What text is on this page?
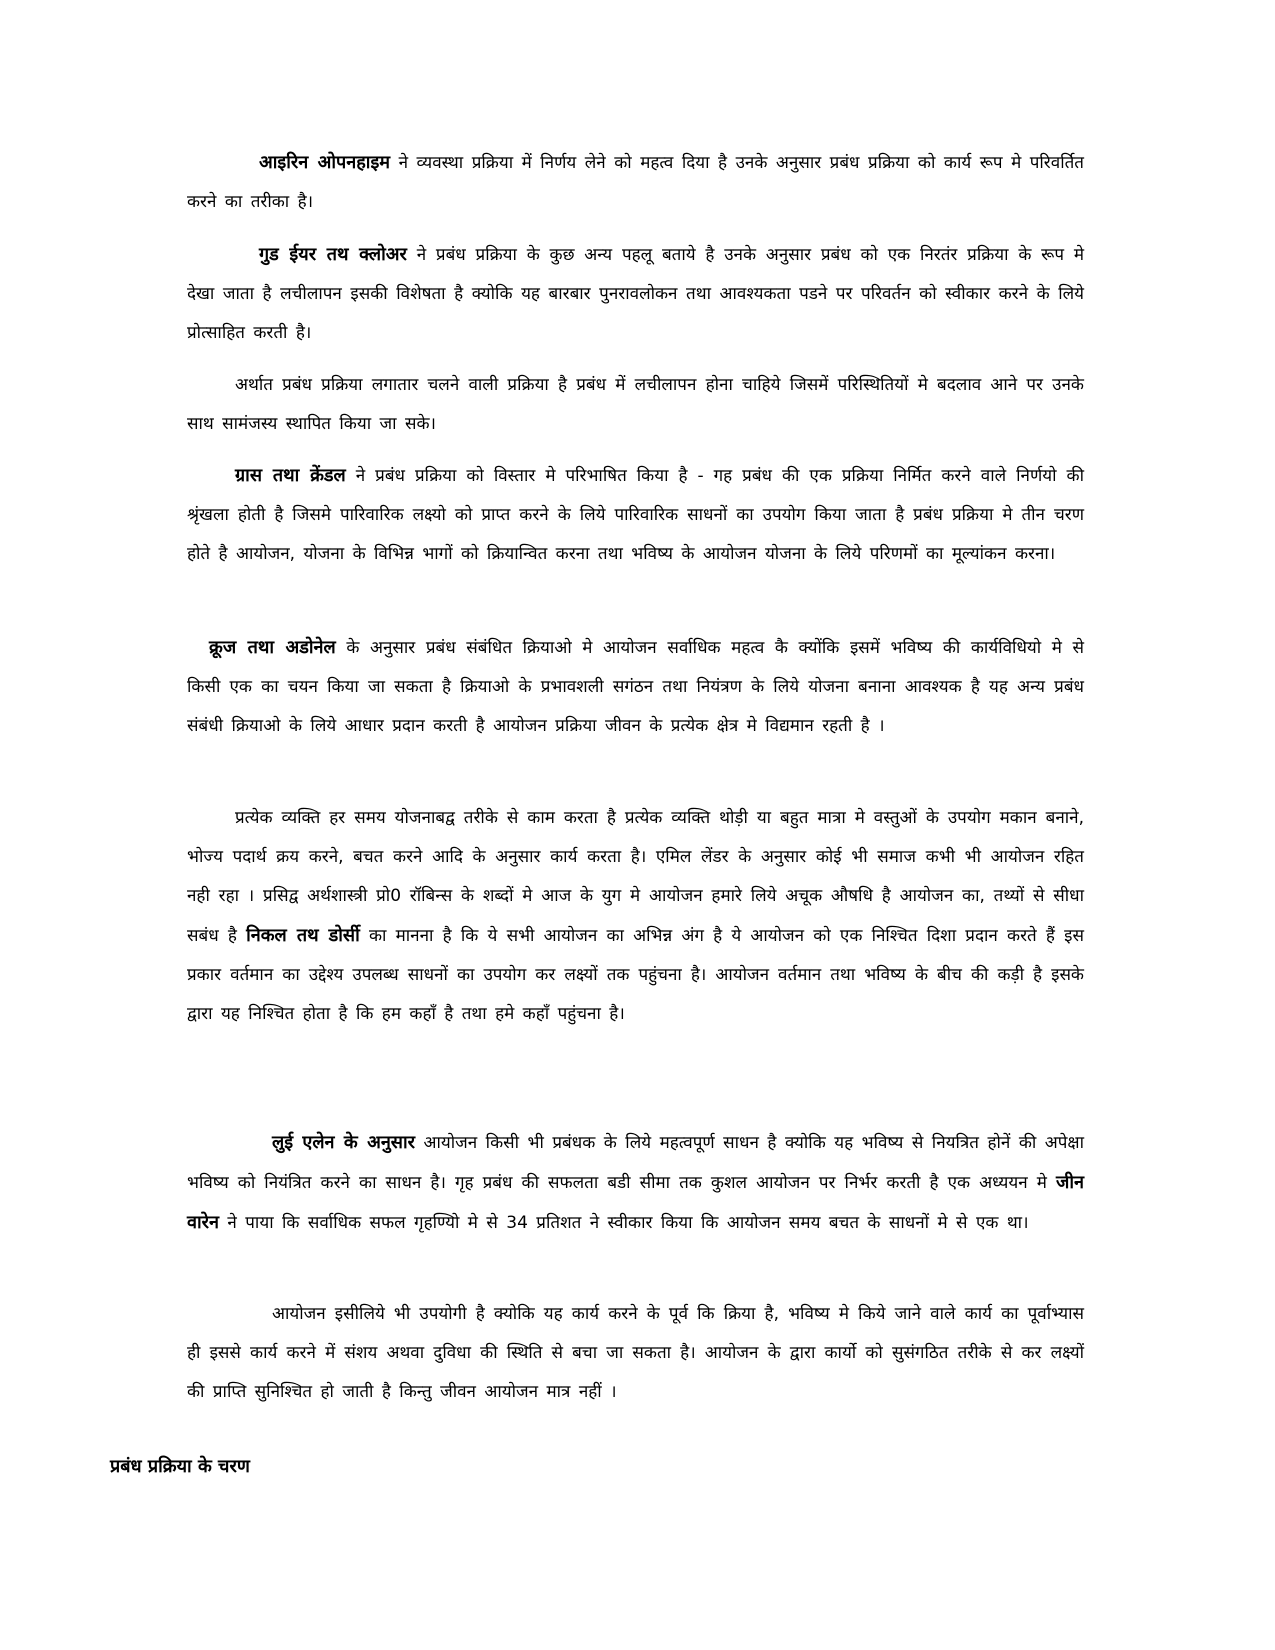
आइरिन ओपनहाइम ने व्यवस्था प्रक्रिया में निर्णय लेने को महत्व दिया है उनके अनुसार प्रबंध प्रक्रिया को कार्य रूप मे परिवर्तित करने का तरीका है।

गुड ईयर तथ क्लोअर ने प्रबंध प्रक्रिया के कुछ अन्य पहलू बताये है उनके अनुसार प्रबंध को एक निरतंर प्रक्रिया के रूप मे देखा जाता है लचीलापन इसकी विशेषता है क्योकि यह बारबार पुनरावलोकन तथा आवश्यकता पडने पर परिवर्तन को स्वीकार करने के लिये प्रोत्साहित करती है।

अर्थात प्रबंध प्रक्रिया लगातार चलने वाली प्रक्रिया है प्रबंध में लचीलापन होना चाहिये जिसमें परिस्थितियों मे बदलाव आने पर उनके साथ सामंजस्य स्थापित किया जा सके।

ग्रास तथा क्रेंडल ने प्रबंध प्रक्रिया को विस्तार मे परिभाषित किया है - गह प्रबंध की एक प्रक्रिया निर्मित करने वाले निर्णयो की श्रृंखला होती है जिसमे पारिवारिक लक्ष्यो को प्राप्त करने के लिये पारिवारिक साधनों का उपयोग किया जाता है प्रबंध प्रक्रिया मे तीन चरण होते है आयोजन, योजना के विभिन्न भागों को क्रियान्वित करना तथा भविष्य के आयोजन योजना के लिये परिणमों का मूल्यांकन करना।

क्रूज तथा अडोनेल के अनुसार प्रबंध संबंधित क्रियाओ मे आयोजन सर्वाधिक महत्व कै क्योंकि इसमें भविष्य की कार्यविधियो मे से किसी एक का चयन किया जा सकता है क्रियाओ के प्रभावशली सगंठन तथा नियंत्रण के लिये योजना बनाना आवश्यक है यह अन्य प्रबंध संबंधी क्रियाओ के लिये आधार प्रदान करती है आयोजन प्रक्रिया जीवन के प्रत्येक क्षेत्र मे विद्यमान रहती है ।

प्रत्येक व्यक्ति हर समय योजनाबद्व तरीके से काम करता है प्रत्येक व्यक्ति थोड़ी या बहुत मात्रा मे वस्तुओं के उपयोग मकान बनाने, भोज्य पदार्थ क्रय करने, बचत करने आदि के अनुसार कार्य करता है। एमिल लेंडर के अनुसार कोई भी समाज कभी भी आयोजन रहित नही रहा । प्रसिद्व अर्थशास्त्री प्रो0 रॉबिन्स के शब्दों मे आज के युग मे आयोजन हमारे लिये अचूक औषधि है आयोजन का, तथ्यों से सीधा सबंध है निकल तथ डोर्सी का मानना है कि ये सभी आयोजन का अभिन्न अंग है ये आयोजन को एक निश्चित दिशा प्रदान करते हैं इस प्रकार वर्तमान का उद्देश्य उपलब्ध साधनों का उपयोग कर लक्ष्यों तक पहुंचना है। आयोजन वर्तमान तथा भविष्य के बीच की कड़ी है इसके द्वारा यह निश्चित होता है कि हम कहाँ है तथा हमे कहाँ पहुंचना है।

लुई एलेन के अनुसार आयोजन किसी भी प्रबंधक के लिये महत्वपूर्ण साधन है क्योकि यह भविष्य से नियत्रित होनें की अपेक्षा भविष्य को नियंत्रित करने का साधन है। गृह प्रबंध की सफलता बडी सीमा तक कुशल आयोजन पर निर्भर करती है एक अध्ययन मे जीन वारेन ने पाया कि सर्वाधिक सफल गृहण्यिो मे से 34 प्रतिशत ने स्वीकार किया कि आयोजन समय बचत के साधनों मे से एक था।

आयोजन इसीलिये भी उपयोगी है क्योकि यह कार्य करने के पूर्व कि क्रिया है, भविष्य मे किये जाने वाले कार्य का पूर्वाभ्यास ही इससे कार्य करने में संशय अथवा दुविधा की स्थिति से बचा जा सकता है। आयोजन के द्वारा कार्यो को सुसंगठित तरीके से कर लक्ष्यों की प्राप्ति सुनिश्चित हो जाती है किन्तु जीवन आयोजन मात्र नहीं ।

प्रबंध प्रक्रिया के चरण
